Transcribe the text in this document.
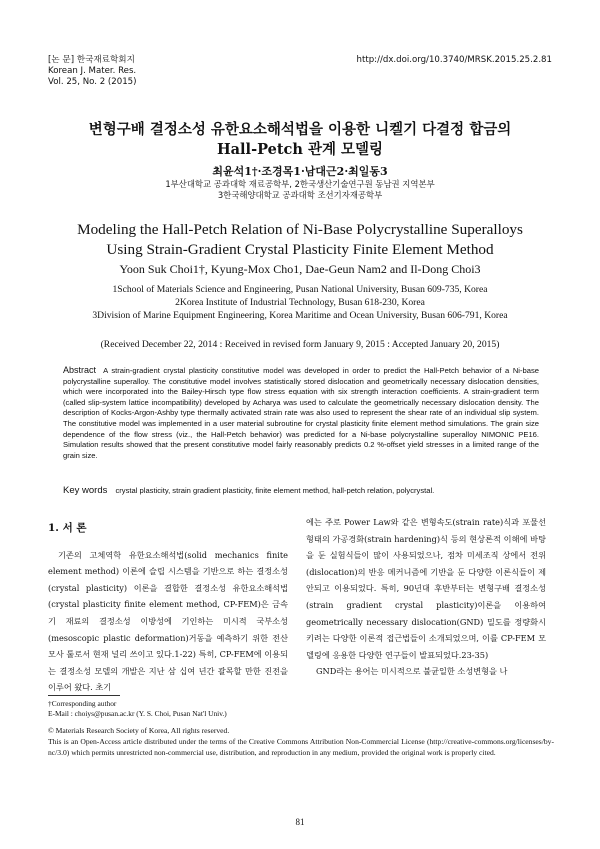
[논 문] 한국재료학회지
Korean J. Mater. Res.
Vol. 25, No. 2 (2015)
http://dx.doi.org/10.3740/MRSK.2015.25.2.81
변형구배 결정소성 유한요소해석법을 이용한 니켈기 다결정 합금의
Hall-Petch 관계 모델링
최윤석1†·조경목1·남대근2·최일동3
1부산대학교 공과대학 재료공학부, 2한국생산기술연구원 동남권 지역본부
3한국해양대학교 공과대학 조선기자재공학부
Modeling the Hall-Petch Relation of Ni-Base Polycrystalline Superalloys
Using Strain-Gradient Crystal Plasticity Finite Element Method
Yoon Suk Choi1†, Kyung-Mox Cho1, Dae-Geun Nam2 and Il-Dong Choi3
1School of Materials Science and Engineering, Pusan National University, Busan 609-735, Korea
2Korea Institute of Industrial Technology, Busan 618-230, Korea
3Division of Marine Equipment Engineering, Korea Maritime and Ocean University, Busan 606-791, Korea
(Received December 22, 2014 : Received in revised form January 9, 2015 : Accepted January 20, 2015)
Abstract A strain-gradient crystal plasticity constitutive model was developed in order to predict the Hall-Petch behavior of a Ni-base polycrystalline superalloy. The constitutive model involves statistically stored dislocation and geometrically necessary dislocation densities, which were incorporated into the Bailey-Hirsch type flow stress equation with six strength interaction coefficients. A strain-gradient term (called slip-system lattice incompatibility) developed by Acharya was used to calculate the geometrically necessary dislocation density. The description of Kocks-Argon-Ashby type thermally activated strain rate was also used to represent the shear rate of an individual slip system. The constitutive model was implemented in a user material subroutine for crystal plasticity finite element method simulations. The grain size dependence of the flow stress (viz., the Hall-Petch behavior) was predicted for a Ni-base polycrystalline superalloy NIMONIC PE16. Simulation results showed that the present constitutive model fairly reasonably predicts 0.2 %-offset yield stresses in a limited range of the grain size.
Key words crystal plasticity, strain gradient plasticity, finite element method, hall-petch relation, polycrystal.
1. 서 론

기존의 고체역학 유한요소해석법(solid mechanics finite element method) 이론에 슬립 시스템을 기반으로 하는 결정소성(crystal plasticity) 이론을 결합한 결정소성 유한요소해석법(crystal plasticity finite element method, CP-FEM)은 금속기 재료의 결정소성 이방성에 기인하는 미시적 국부소성(mesoscopic plastic deformation)거동을 예측하기 위한 전산모사 툴로서 현재 널리 쓰이고 있다.1-22) 특히, CP-FEM에 이용되는 결정소성 모델의 개발은 지난 삼 십여 년간 괄목할 만한 진전을 이루어 왔다. 초기

에는 주로 Power Law와 같은 변형속도(strain rate)식과 포물선 형태의 가공경화(strain hardening)식 등의 현상론적 이해에 바탕을 둔 실험식들이 많이 사용되었으나, 점차 미세조직 상에서 전위(dislocation)의 반응 메커니즘에 기반을 둔 다양한 이론식들이 제안되고 이용되었다. 특히, 90년대 후반부터는 변형구배 결정소성(strain gradient crystal plasticity)이론을 이용하여 geometrically necessary dislocation(GND) 밀도를 정량화시키려는 다양한 이론적 접근법들이 소개되었으며, 이를 CP-FEM 모델링에 응용한 다양한 연구들이 발표되었다.23-35)

GND라는 용어는 미시적으로 불균일한 소성변형을 나

†Corresponding author
E-Mail : choiys@pusan.ac.kr (Y. S. Choi, Pusan Nat'l Univ.)
© Materials Research Society of Korea, All rights reserved.
This is an Open-Access article distributed under the terms of the Creative Commons Attribution Non-Commercial License (http://creative-commons.org/licenses/by-nc/3.0) which permits unrestricted non-commercial use, distribution, and reproduction in any medium, provided the original work is properly cited.
81
